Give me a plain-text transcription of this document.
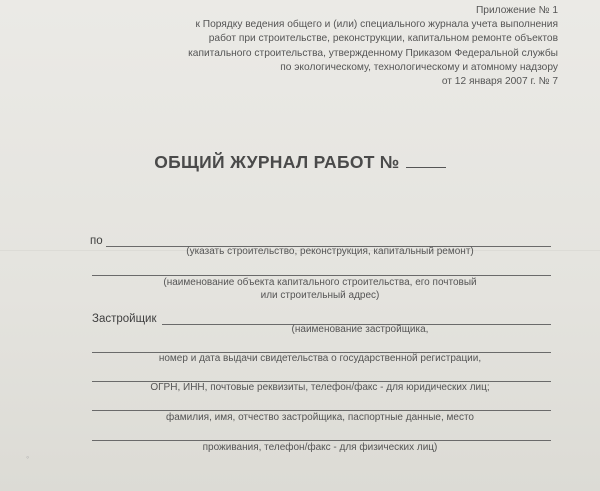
Приложение № 1
к Порядку ведения общего и (или) специального журнала учета выполнения
работ при строительстве, реконструкции, капитальном ремонте объектов
капитального строительства, утвержденному Приказом Федеральной службы
по экологическому, технологическому и атомному надзору
от 12 января 2007 г. № 7
ОБЩИЙ ЖУРНАЛ РАБОТ №
по
(указать строительство, реконструкция, капитальный ремонт)
(наименование объекта капитального строительства, его почтовый
или строительный адрес)
Застройщик
(наименование застройщика,
номер и дата выдачи свидетельства о государственной регистрации,
ОГРН, ИНН, почтовые реквизиты, телефон/факс - для юридических лиц;
фамилия, имя, отчество застройщика, паспортные данные, место
проживания, телефон/факс - для физических лиц)
◦
